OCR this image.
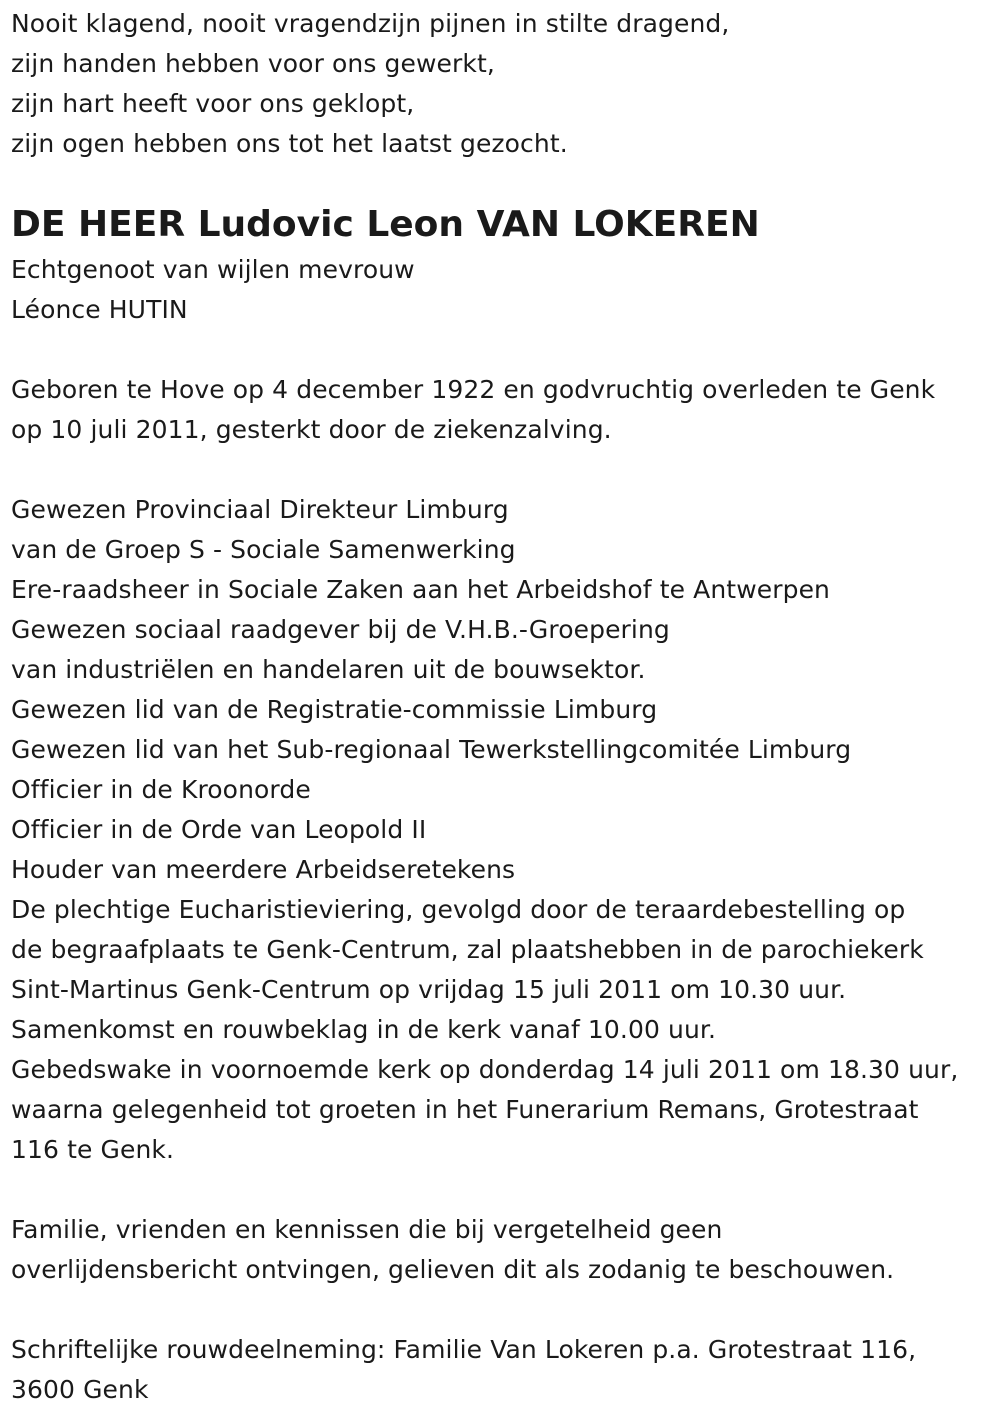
Nooit klagend, nooit vragendzijn pijnen in stilte dragend,
zijn handen hebben voor ons gewerkt,
zijn hart heeft voor ons geklopt,
zijn ogen hebben ons tot het laatst gezocht.
DE HEER Ludovic Leon VAN LOKEREN
Echtgenoot van wijlen mevrouw
Léonce HUTIN
Geboren te Hove op 4 december 1922 en godvruchtig overleden te Genk
op 10 juli 2011, gesterkt door de ziekenzalving.
Gewezen Provinciaal Direkteur Limburg
van de Groep S - Sociale Samenwerking
Ere-raadsheer in Sociale Zaken aan het Arbeidshof te Antwerpen
Gewezen sociaal raadgever bij de V.H.B.-Groepering
van industriëlen en handelaren uit de bouwsektor.
Gewezen lid van de Registratie-commissie Limburg
Gewezen lid van het Sub-regionaal Tewerkstellingcomitée Limburg
Officier in de Kroonorde
Officier in de Orde van Leopold II
Houder van meerdere Arbeidseretekens
De plechtige Eucharistieviering, gevolgd door de teraardebestelling op
de begraafplaats te Genk-Centrum, zal plaatshebben in de parochiekerk
Sint-Martinus Genk-Centrum op vrijdag 15 juli 2011 om 10.30 uur.
Samenkomst en rouwbeklag in de kerk vanaf 10.00 uur.
Gebedswake in voornoemde kerk op donderdag 14 juli 2011 om 18.30 uur,
waarna gelegenheid tot groeten in het Funerarium Remans, Grotestraat
116 te Genk.
Familie, vrienden en kennissen die bij vergetelheid geen
overlijdensbericht ontvingen, gelieven dit als zodanig te beschouwen.
Schriftelijke rouwdeelneming: Familie Van Lokeren p.a. Grotestraat 116,
3600 Genk
